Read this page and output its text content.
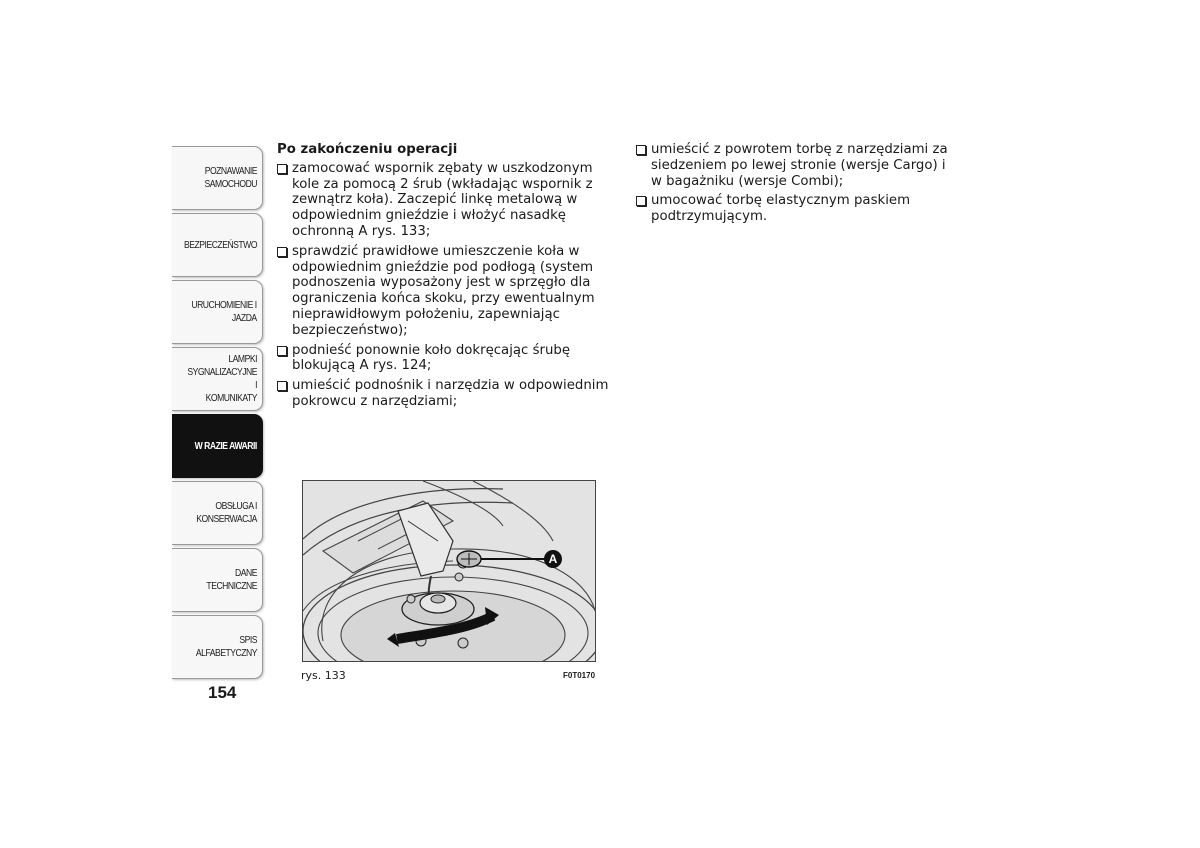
POZNAWANIE
SAMOCHODU
BEZPIECZEŃSTWO
URUCHOMIENIE I
JAZDA
LAMPKI
SYGNALIZACYJNE I
KOMUNIKATY
W RAZIE AWARII
OBSŁUGA I
KONSERWACJA
DANE TECHNICZNE
SPIS ALFABETYCZNY
154
Po zakończeniu operacji
zamocować wspornik zębaty w uszkodzonym kole za pomocą 2 śrub (wkładając wspornik z zewnątrz koła). Zaczepić linkę metalową w odpowiednim gnieździe i włożyć nasadkę ochronną A rys. 133;
sprawdzić prawidłowe umieszczenie koła w odpowiednim gnieździe pod podłogą (system podnoszenia wyposażony jest w sprzęgło dla ograniczenia końca skoku, przy ewentualnym nieprawidłowym położeniu, zapewniając bezpieczeństwo);
podnieść ponownie koło dokręcając śrubę blokującą A rys. 124;
umieścić podnośnik i narzędzia w odpowiednim pokrowcu z narzędziami;
umieścić z powrotem torbę z narzędziami za siedzeniem po lewej stronie (wersje Cargo) i w bagażniku (wersje Combi);
umocować torbę elastycznym paskiem podtrzymującym.
A
rys. 133	F0T0170
